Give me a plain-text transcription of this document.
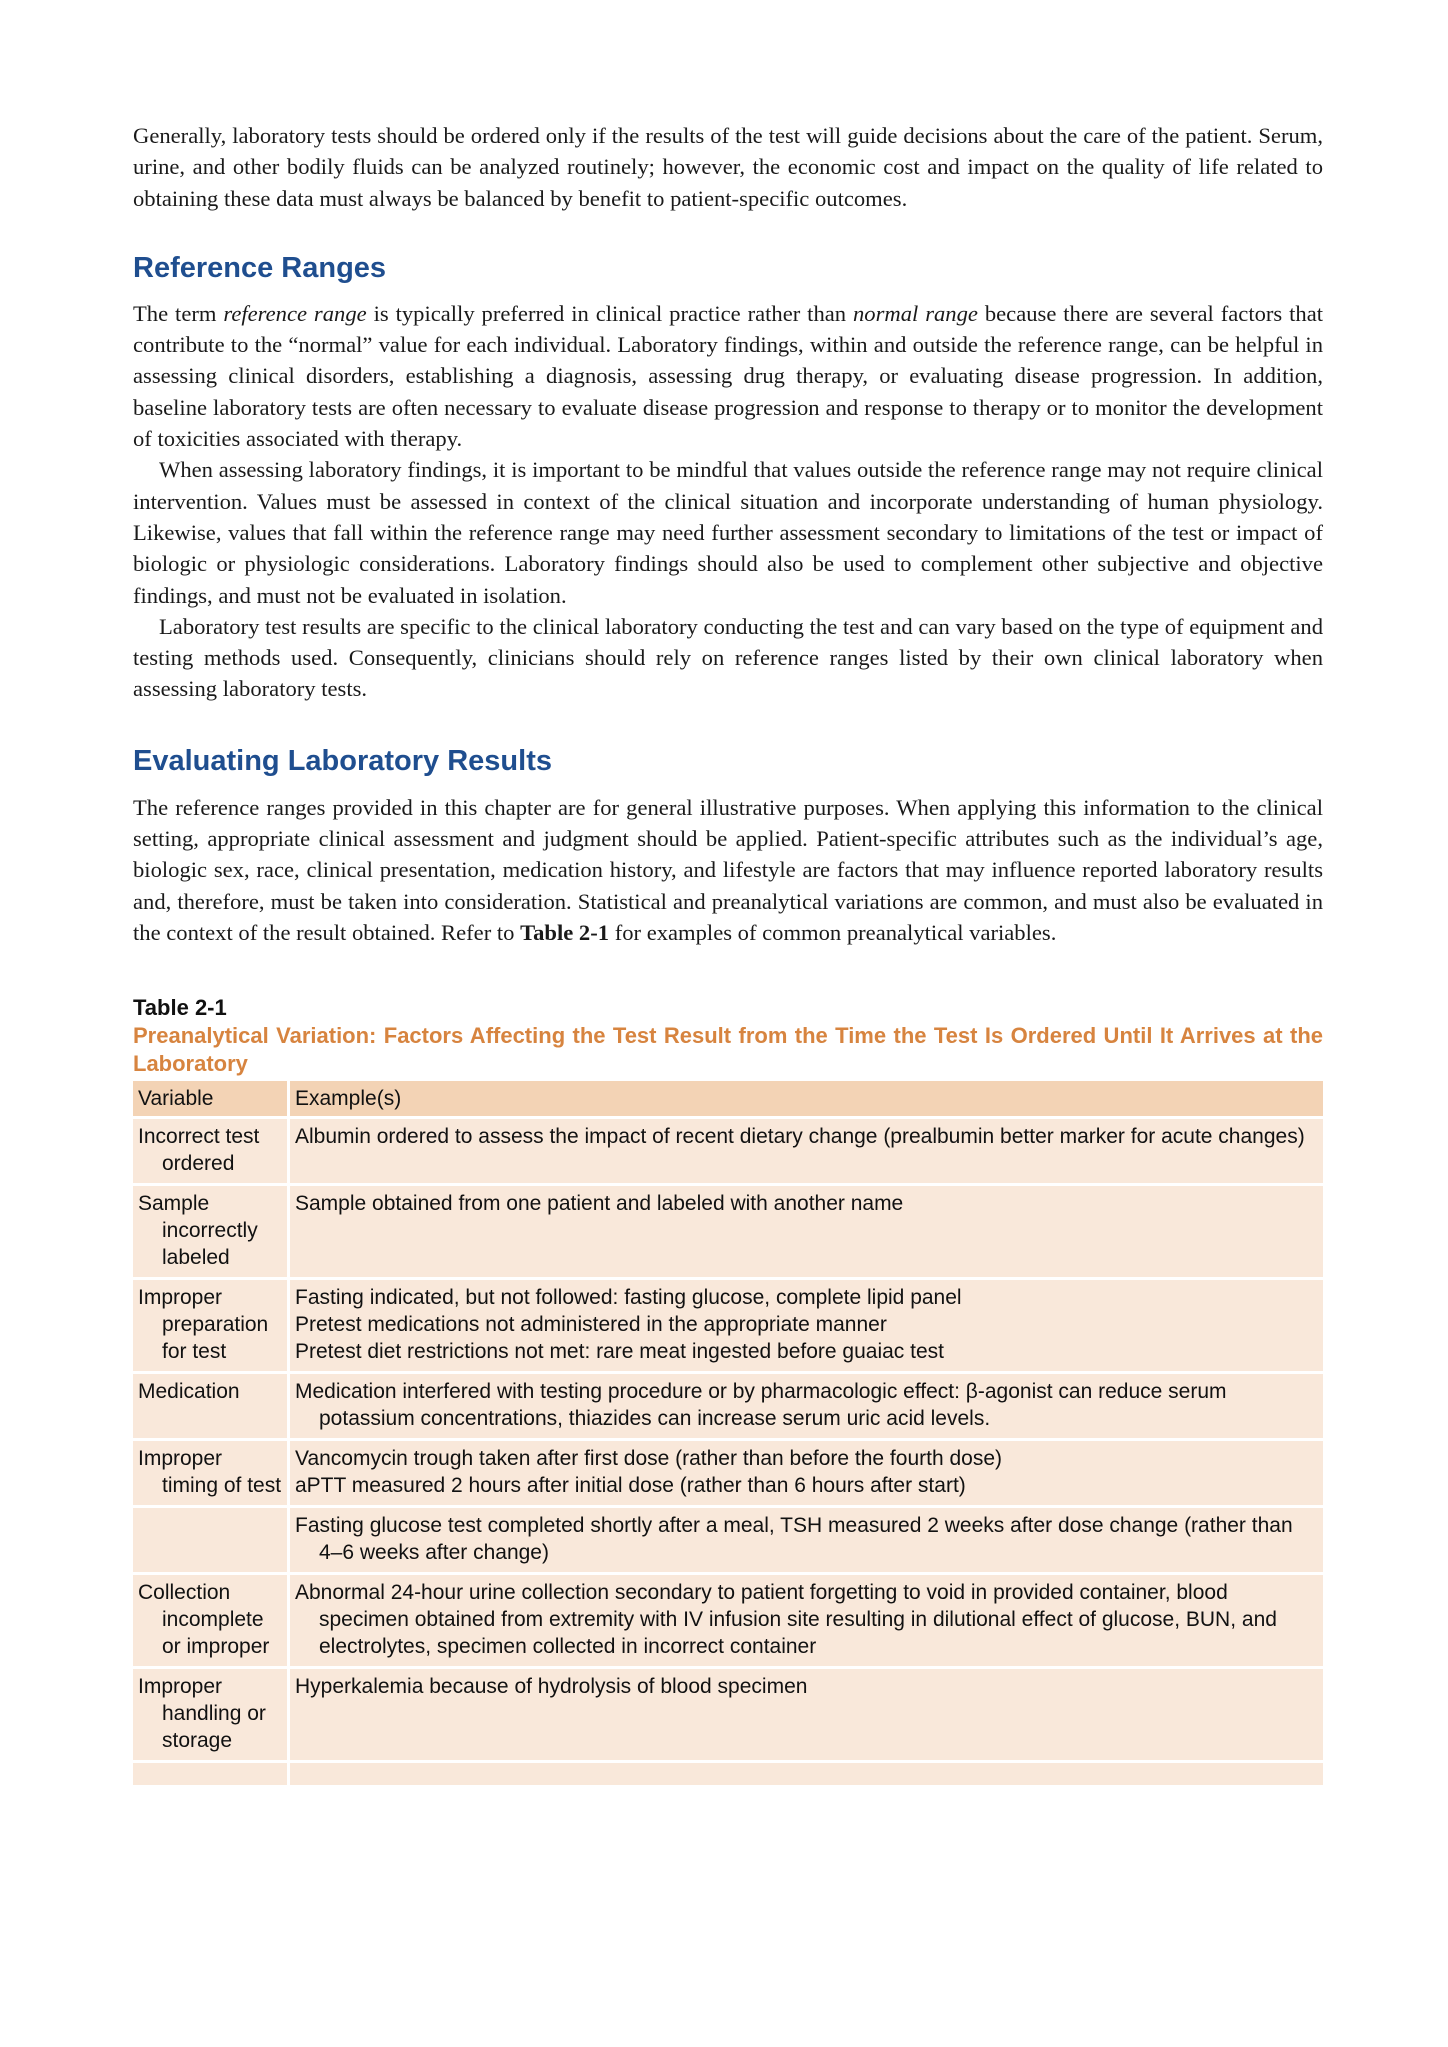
Generally, laboratory tests should be ordered only if the results of the test will guide decisions about the care of the patient. Serum, urine, and other bodily fluids can be analyzed routinely; however, the economic cost and impact on the quality of life related to obtaining these data must always be balanced by benefit to patient-specific outcomes.

Reference Ranges

The term reference range is typically preferred in clinical practice rather than normal range because there are several factors that contribute to the “normal” value for each individual. Laboratory findings, within and outside the reference range, can be helpful in assessing clinical disorders, establishing a diagnosis, assessing drug therapy, or evaluating disease progression. In addition, baseline laboratory tests are often necessary to evaluate disease progression and response to therapy or to monitor the development of toxicities associated with therapy.

When assessing laboratory findings, it is important to be mindful that values outside the reference range may not require clinical intervention. Values must be assessed in context of the clinical situation and incorporate understanding of human physiology. Likewise, values that fall within the reference range may need further assessment secondary to limitations of the test or impact of biologic or physiologic considerations. Laboratory findings should also be used to complement other subjective and objective findings, and must not be evaluated in isolation.

Laboratory test results are specific to the clinical laboratory conducting the test and can vary based on the type of equipment and testing methods used. Consequently, clinicians should rely on reference ranges listed by their own clinical laboratory when assessing laboratory tests.

Evaluating Laboratory Results

The reference ranges provided in this chapter are for general illustrative purposes. When applying this information to the clinical setting, appropriate clinical assessment and judgment should be applied. Patient-specific attributes such as the individual’s age, biologic sex, race, clinical presentation, medication history, and lifestyle are factors that may influence reported laboratory results and, therefore, must be taken into consideration. Statistical and preanalytical variations are common, and must also be evaluated in the context of the result obtained. Refer to Table 2-1 for examples of common preanalytical variables.

Table 2-1
Preanalytical Variation: Factors Affecting the Test Result from the Time the Test Is Ordered Until It Arrives at the Laboratory
Variable	Example(s)

Incorrect test ordered	Albumin ordered to assess the impact of recent dietary change (prealbumin better marker for acute changes)

Sample incorrectly labeled	Sample obtained from one patient and labeled with another name

Improper preparation for test	Fasting indicated, but not followed: fasting glucose, complete lipid panel
Pretest medications not administered in the appropriate manner
Pretest diet restrictions not met: rare meat ingested before guaiac test

Medication	Medication interfered with testing procedure or by pharmacologic effect: β-agonist can reduce serum potassium concentrations, thiazides can increase serum uric acid levels.

Improper timing of test	Vancomycin trough taken after first dose (rather than before the fourth dose)
aPTT measured 2 hours after initial dose (rather than 6 hours after start)

	Fasting glucose test completed shortly after a meal, TSH measured 2 weeks after dose change (rather than 4–6 weeks after change)

Collection incomplete or improper	Abnormal 24-hour urine collection secondary to patient forgetting to void in provided container, blood specimen obtained from extremity with IV infusion site resulting in dilutional effect of glucose, BUN, and electrolytes, specimen collected in incorrect container

Improper handling or storage	Hyperkalemia because of hydrolysis of blood specimen
